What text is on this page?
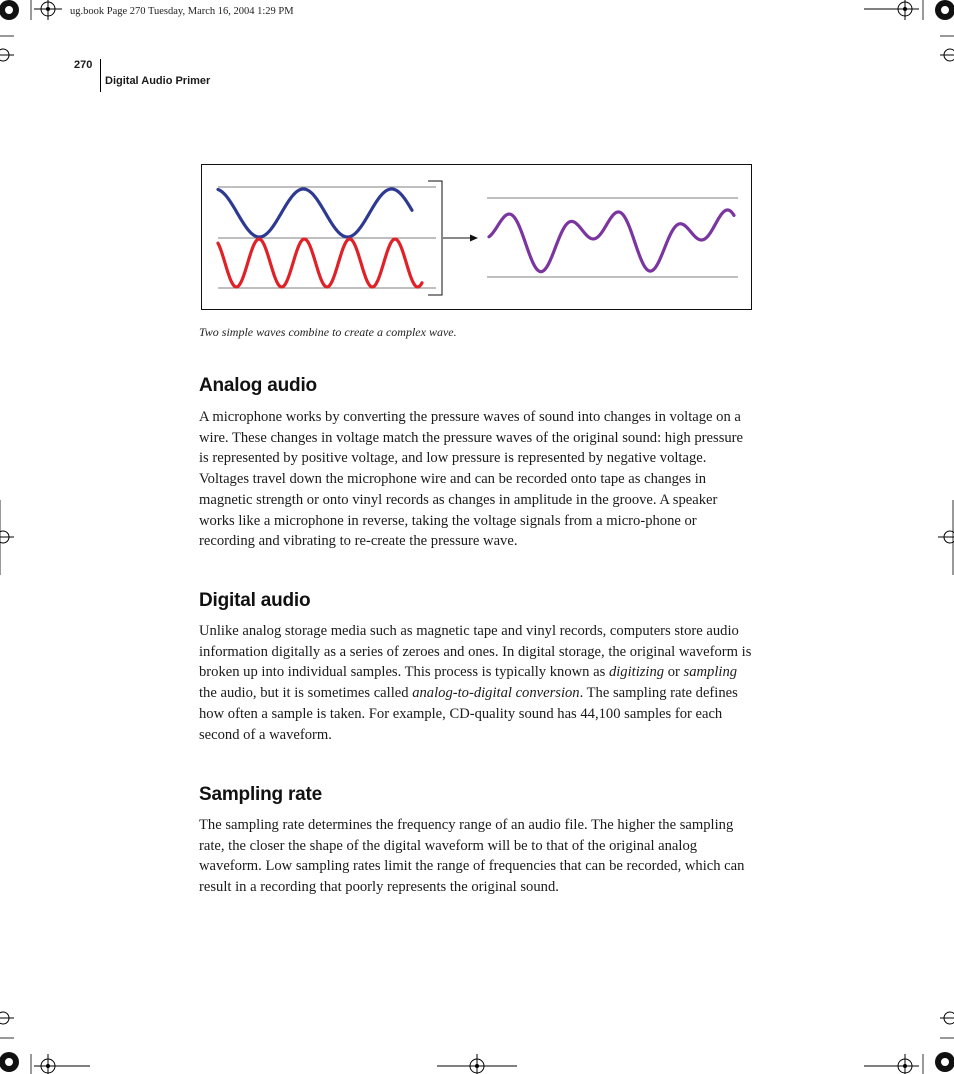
ug.book Page 270 Tuesday, March 16, 2004 1:29 PM
270
Digital Audio Primer
Two simple waves combine to create a complex wave.
Analog audio

A microphone works by converting the pressure waves of sound into changes in voltage on a wire. These changes in voltage match the pressure waves of the original sound: high pressure is represented by positive voltage, and low pressure is represented by negative voltage. Voltages travel down the microphone wire and can be recorded onto tape as changes in magnetic strength or onto vinyl records as changes in amplitude in the groove. A speaker works like a microphone in reverse, taking the voltage signals from a micro-phone or recording and vibrating to re-create the pressure wave.

Digital audio

Unlike analog storage media such as magnetic tape and vinyl records, computers store audio information digitally as a series of zeroes and ones. In digital storage, the original waveform is broken up into individual samples. This process is typically known as digitizing or sampling the audio, but it is sometimes called analog-to-digital conversion. The sampling rate defines how often a sample is taken. For example, CD-quality sound has 44,100 samples for each second of a waveform.

Sampling rate

The sampling rate determines the frequency range of an audio file. The higher the sampling rate, the closer the shape of the digital waveform will be to that of the original analog waveform. Low sampling rates limit the range of frequencies that can be recorded, which can result in a recording that poorly represents the original sound.
